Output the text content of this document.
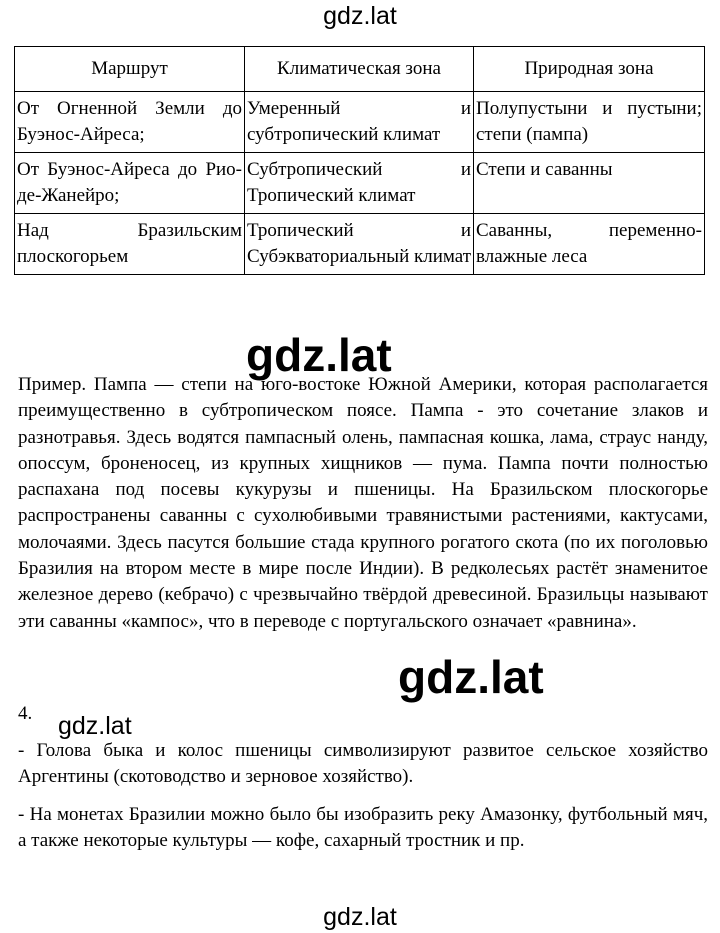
gdz.lat
Маршрут	Климатическая зона	Природная зона
От Огненной Земли до Буэнос-Айреса;	Умеренный и субтропический климат	Полупустыни и пустыни; степи (пампа)
От Буэнос-Айреса до Рио-де-Жанейро;	Субтропический и Тропический климат	Степи и саванны
Над Бразильским плоскогорьем	Тропический и Субэкваториальный климат	Саванны, переменно-влажные леса

Пример. Пампа — степи на юго-востоке Южной Америки, которая располагается преимущественно в субтропическом поясе. Пампа - это сочетание злаков и разнотравья. Здесь водятся пампасный олень, пампасная кошка, лама, страус нанду, опоссум, броненосец, из крупных хищников — пума. Пампа почти полностью распахана под посевы кукурузы и пшеницы. На Бразильском плоскогорье распространены саванны с сухолюбивыми травянистыми растениями, кактусами, молочаями. Здесь пасутся большие стада крупного рогатого скота (по их поголовью Бразилия на втором месте в мире после Индии). В редколесьях растёт знаменитое железное дерево (кебрачо) с чрезвычайно твёрдой древесиной. Бразильцы называют эти саванны «кампос», что в переводе с португальского означает «равнина».

4.

- Голова быка и колос пшеницы символизируют развитое сельское хозяйство Аргентины (скотоводство и зерновое хозяйство).

- На монетах Бразилии можно было бы изобразить реку Амазонку, футбольный мяч, а также некоторые культуры — кофе, сахарный тростник и пр.

gdz.lat
gdz.lat
gdz.lat
gdz.lat
